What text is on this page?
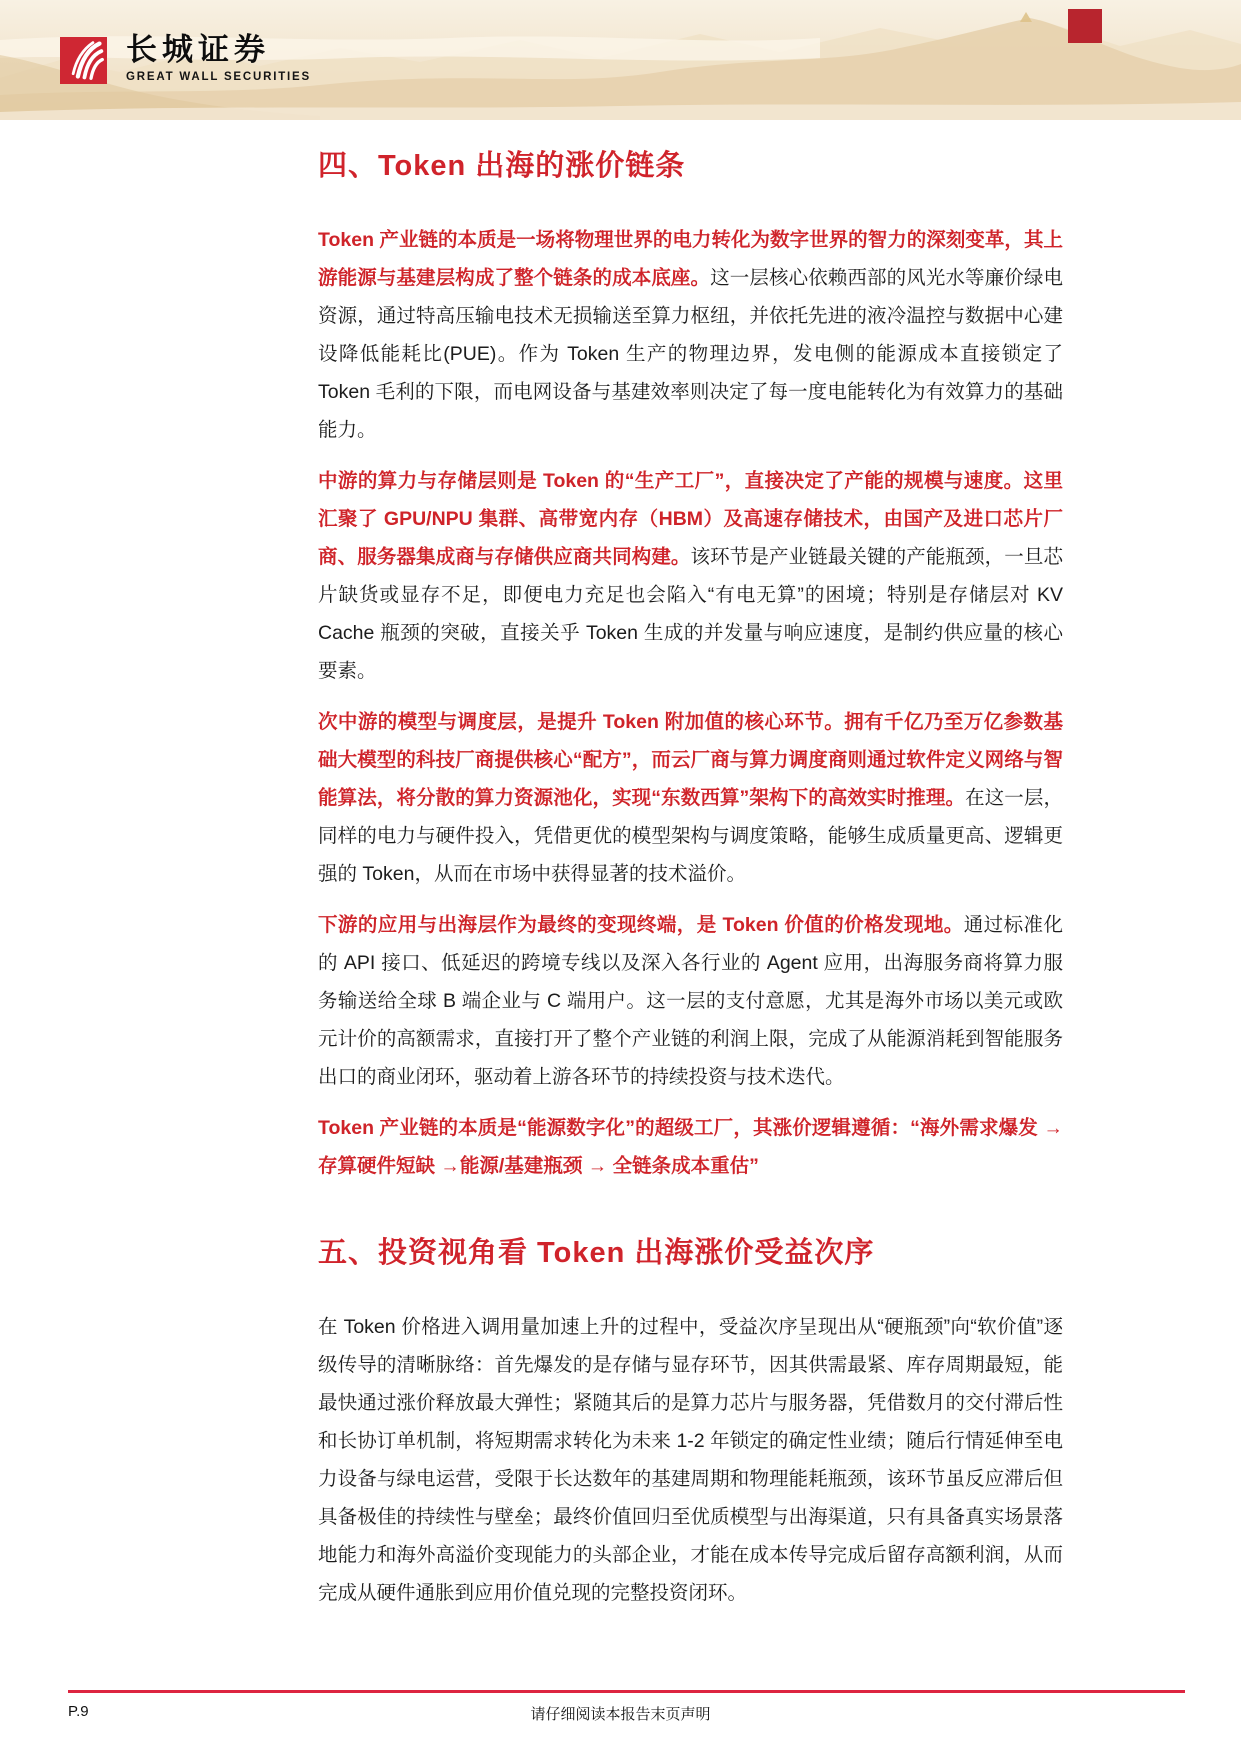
长城证券
GREAT WALL SECURITIES
四、Token 出海的涨价链条

Token 产业链的本质是一场将物理世界的电力转化为数字世界的智力的深刻变革，其上游能源与基建层构成了整个链条的成本底座。这一层核心依赖西部的风光水等廉价绿电资源，通过特高压输电技术无损输送至算力枢纽，并依托先进的液冷温控与数据中心建设降低能耗比(PUE)。作为 Token 生产的物理边界，发电侧的能源成本直接锁定了 Token 毛利的下限，而电网设备与基建效率则决定了每一度电能转化为有效算力的基础能力。

中游的算力与存储层则是 Token 的“生产工厂”，直接决定了产能的规模与速度。这里汇聚了 GPU/NPU 集群、高带宽内存（HBM）及高速存储技术，由国产及进口芯片厂商、服务器集成商与存储供应商共同构建。该环节是产业链最关键的产能瓶颈，一旦芯片缺货或显存不足，即便电力充足也会陷入“有电无算”的困境；特别是存储层对 KV Cache 瓶颈的突破，直接关乎 Token 生成的并发量与响应速度，是制约供应量的核心要素。

次中游的模型与调度层，是提升 Token 附加值的核心环节。拥有千亿乃至万亿参数基础大模型的科技厂商提供核心“配方”，而云厂商与算力调度商则通过软件定义网络与智能算法，将分散的算力资源池化，实现“东数西算”架构下的高效实时推理。在这一层，同样的电力与硬件投入，凭借更优的模型架构与调度策略，能够生成质量更高、逻辑更强的 Token，从而在市场中获得显著的技术溢价。

下游的应用与出海层作为最终的变现终端，是 Token 价值的价格发现地。通过标准化的 API 接口、低延迟的跨境专线以及深入各行业的 Agent 应用，出海服务商将算力服务输送给全球 B 端企业与 C 端用户。这一层的支付意愿，尤其是海外市场以美元或欧元计价的高额需求，直接打开了整个产业链的利润上限，完成了从能源消耗到智能服务出口的商业闭环，驱动着上游各环节的持续投资与技术迭代。

Token 产业链的本质是“能源数字化”的超级工厂，其涨价逻辑遵循：“海外需求爆发 → 存算硬件短缺 →能源/基建瓶颈 → 全链条成本重估”

五、投资视角看 Token 出海涨价受益次序

在 Token 价格进入调用量加速上升的过程中，受益次序呈现出从“硬瓶颈”向“软价值”逐级传导的清晰脉络：首先爆发的是存储与显存环节，因其供需最紧、库存周期最短，能最快通过涨价释放最大弹性；紧随其后的是算力芯片与服务器，凭借数月的交付滞后性和长协订单机制，将短期需求转化为未来 1-2 年锁定的确定性业绩；随后行情延伸至电力设备与绿电运营，受限于长达数年的基建周期和物理能耗瓶颈，该环节虽反应滞后但具备极佳的持续性与壁垒；最终价值回归至优质模型与出海渠道，只有具备真实场景落地能力和海外高溢价变现能力的头部企业，才能在成本传导完成后留存高额利润，从而完成从硬件通胀到应用价值兑现的完整投资闭环。

P.9	请仔细阅读本报告末页声明
